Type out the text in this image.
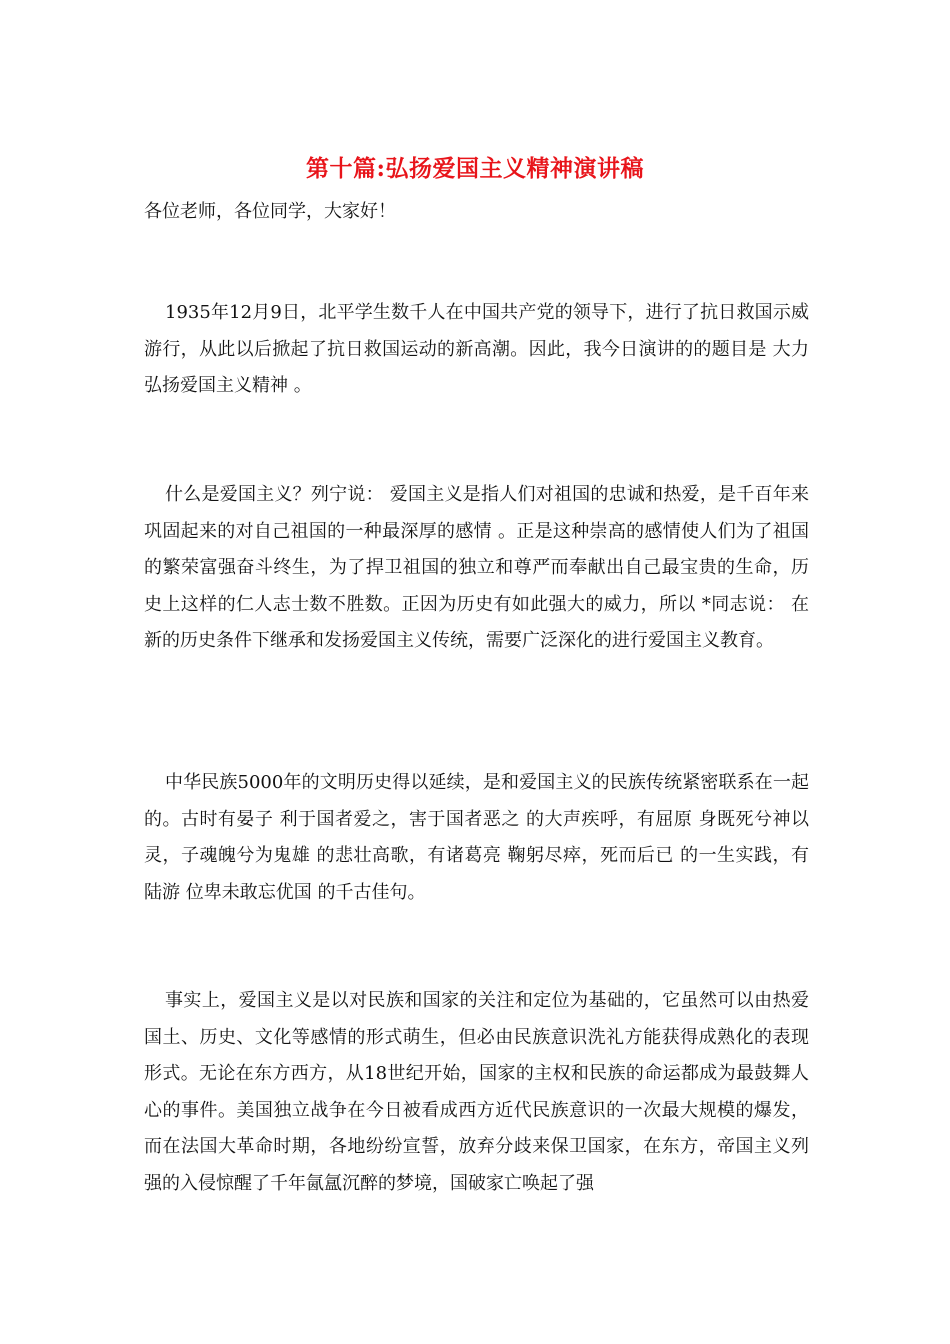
第十篇:弘扬爱国主义精神演讲稿
各位老师，各位同学，大家好！

1935年12月9日，北平学生数千人在中国共产党的领导下，进行了抗日救国示威游行，从此以后掀起了抗日救国运动的新高潮。因此，我今日演讲的的题目是 大力弘扬爱国主义精神 。

什么是爱国主义？列宁说： 爱国主义是指人们对祖国的忠诚和热爱，是千百年来巩固起来的对自己祖国的一种最深厚的感情 。正是这种崇高的感情使人们为了祖国的繁荣富强奋斗终生，为了捍卫祖国的独立和尊严而奉献出自己最宝贵的生命，历史上这样的仁人志士数不胜数。正因为历史有如此强大的威力，所以 *同志说： 在新的历史条件下继承和发扬爱国主义传统，需要广泛深化的进行爱国主义教育。

中华民族5000年的文明历史得以延续，是和爱国主义的民族传统紧密联系在一起的。古时有晏子 利于国者爱之，害于国者恶之 的大声疾呼，有屈原 身既死兮神以灵，子魂魄兮为鬼雄 的悲壮高歌，有诸葛亮 鞠躬尽瘁，死而后已 的一生实践，有陆游 位卑未敢忘优国 的千古佳句。

事实上，爱国主义是以对民族和国家的关注和定位为基础的，它虽然可以由热爱国土、历史、文化等感情的形式萌生，但必由民族意识洗礼方能获得成熟化的表现形式。无论在东方西方，从18世纪开始，国家的主权和民族的命运都成为最鼓舞人心的事件。美国独立战争在今日被看成西方近代民族意识的一次最大规模的爆发，而在法国大革命时期，各地纷纷宣誓，放弃分歧来保卫国家，在东方，帝国主义列强的入侵惊醒了千年氤氲沉醉的梦境，国破家亡唤起了强
